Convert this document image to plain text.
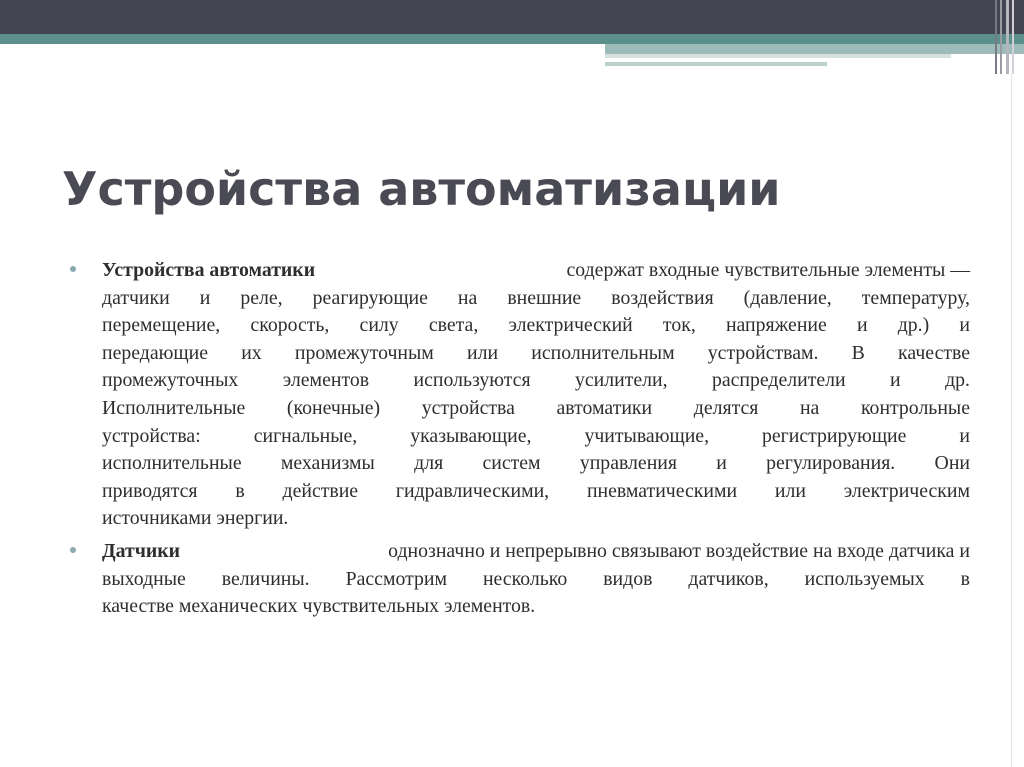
Устройства автоматизации
Устройства автоматики	содержат входные чувствительные элементы —
датчики и реле, реагирующие на внешние воздействия (давление, температуру,
перемещение, скорость, силу света, электрический ток, напряжение и др.) и
передающие их промежуточным или исполнительным устройствам. В качестве
промежуточных элементов используются усилители, распределители и др.
Исполнительные (конечные) устройства автоматики делятся на контрольные
устройства: сигнальные, указывающие, учитывающие, регистрирующие и
исполнительные механизмы для систем управления и регулирования. Они
приводятся в действие гидравлическими, пневматическими или электрическим
источниками энергии.
Датчики	однозначно и непрерывно связывают воздействие на входе датчика и
выходные величины. Рассмотрим несколько видов датчиков, используемых в
качестве механических чувствительных элементов.
